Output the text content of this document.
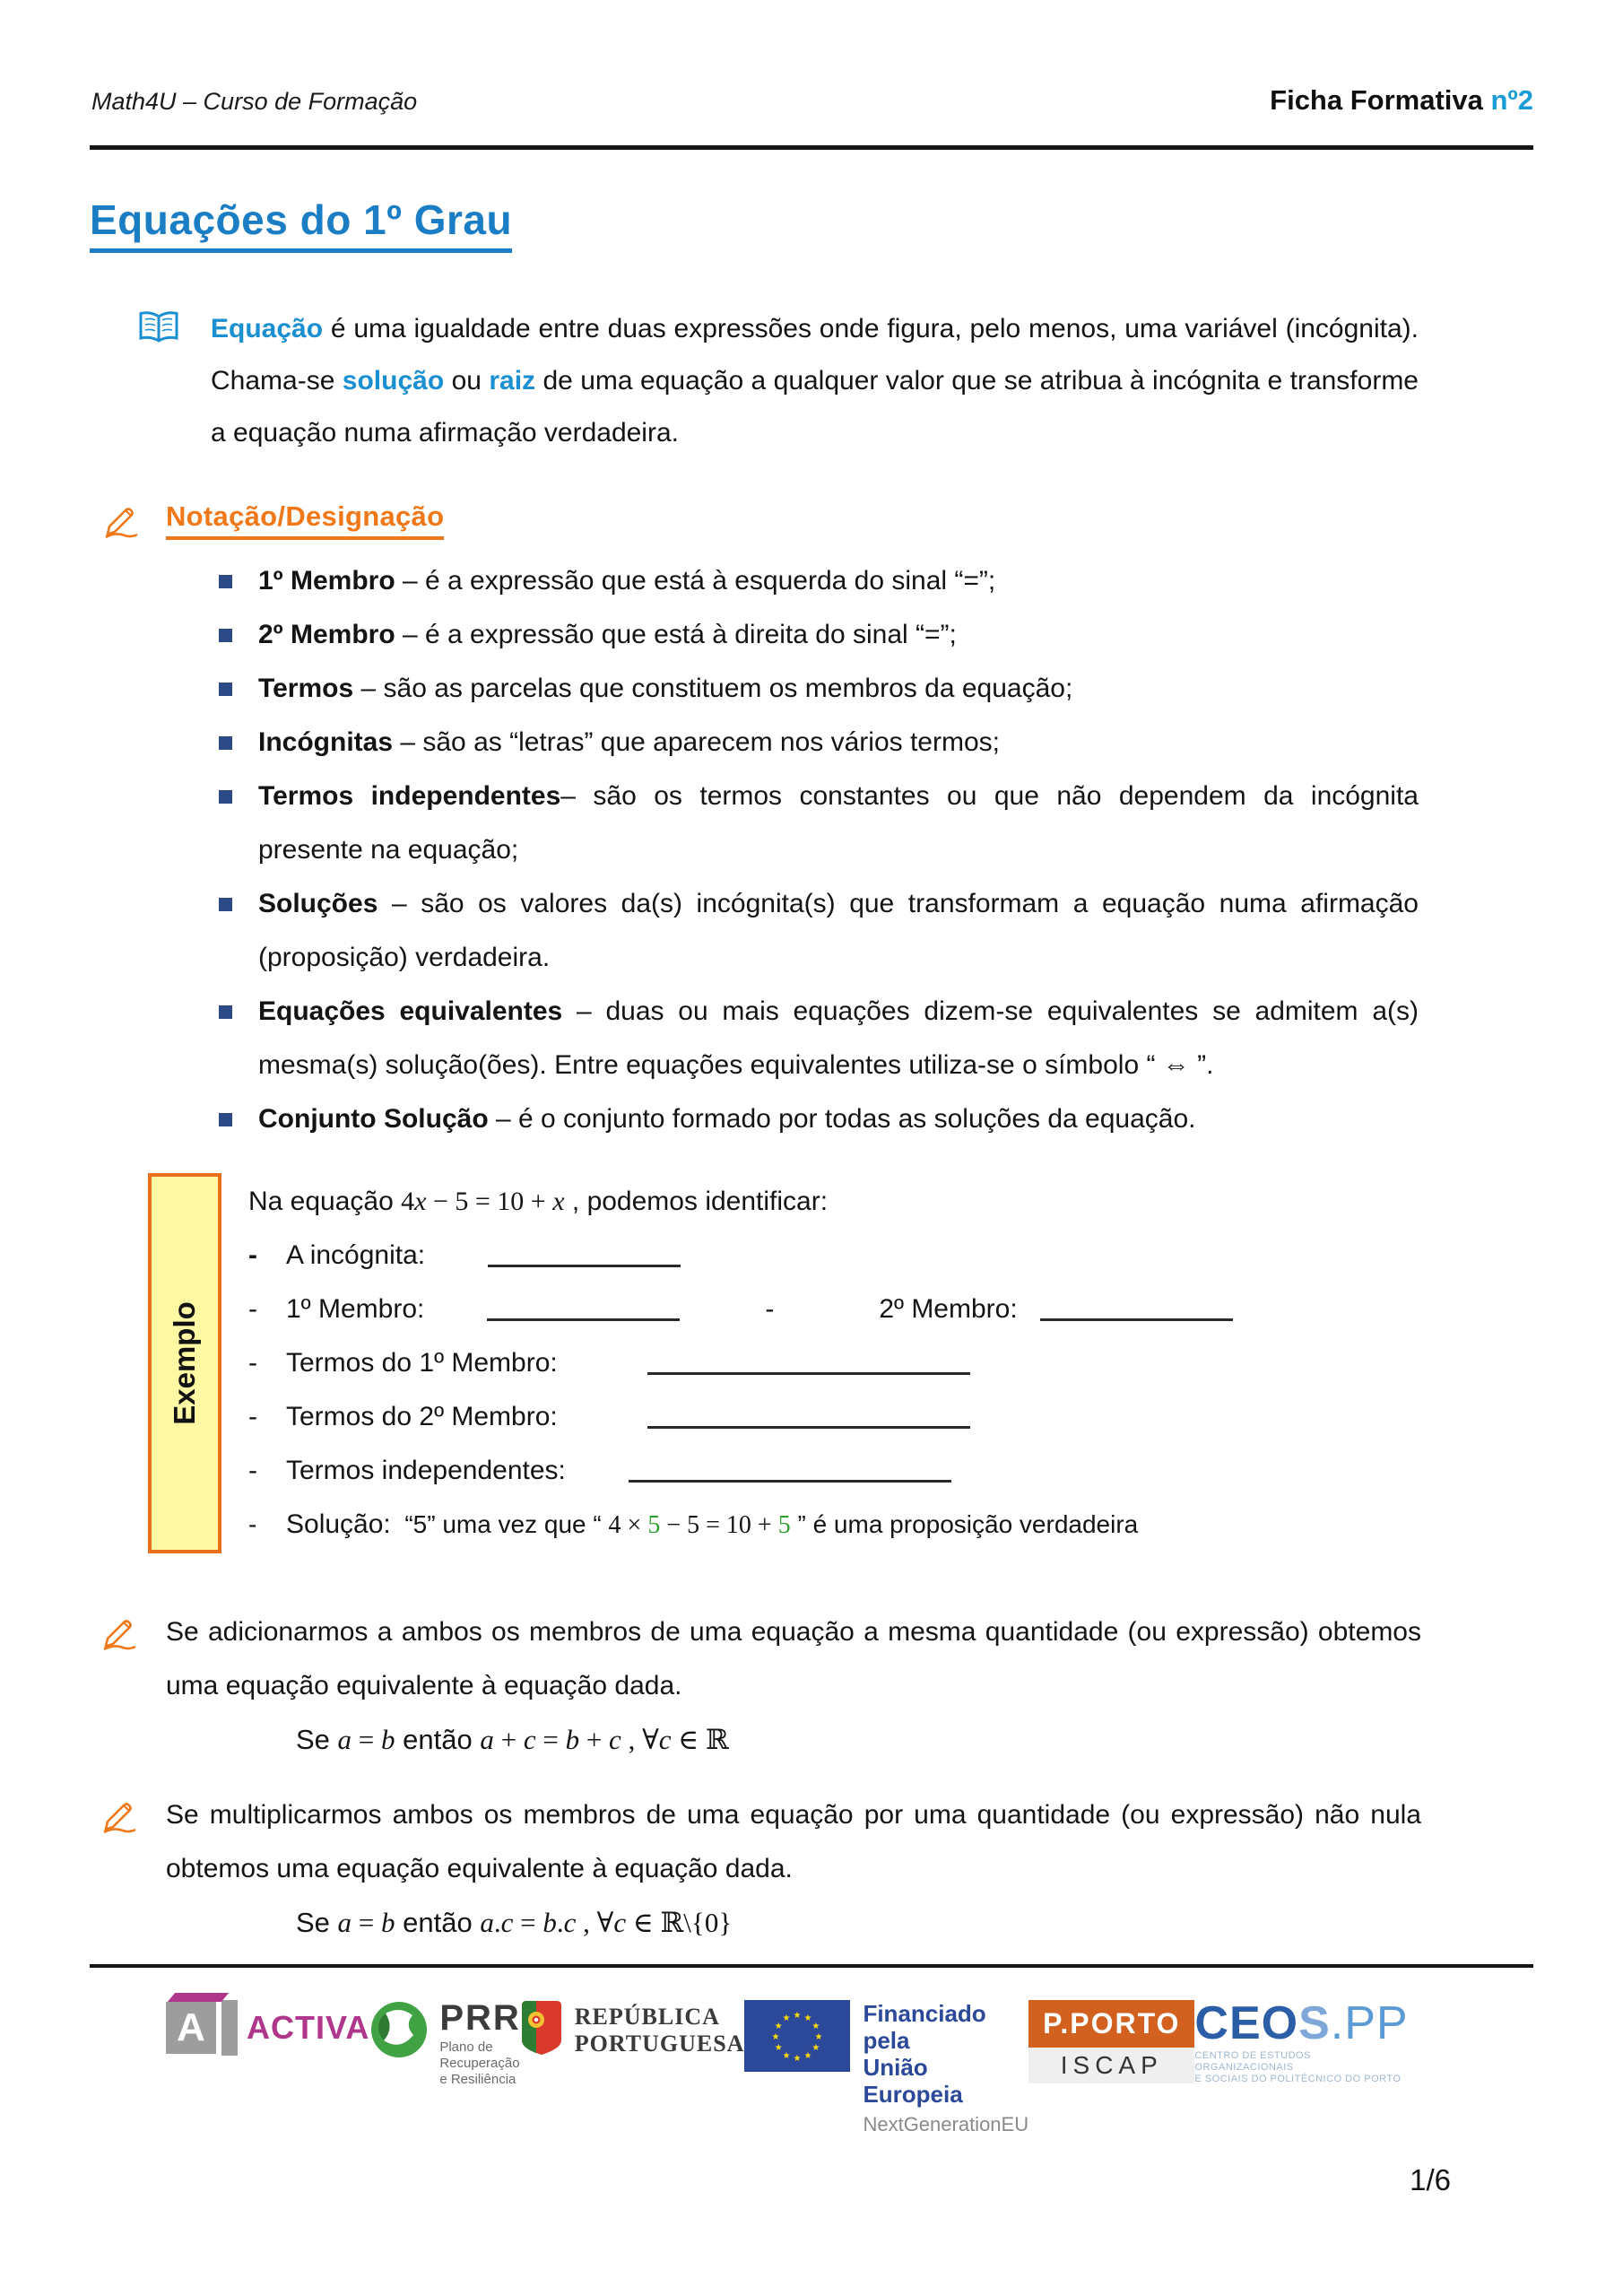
Math4U – Curso de Formação	Ficha Formativa nº2
Equações do 1º Grau
Equação é uma igualdade entre duas expressões onde figura, pelo menos, uma variável (incógnita). Chama-se solução ou raiz de uma equação a qualquer valor que se atribua à incógnita e transforme a equação numa afirmação verdadeira.
Notação/Designação
1º Membro – é a expressão que está à esquerda do sinal “=”;
2º Membro – é a expressão que está à direita do sinal “=”;
Termos – são as parcelas que constituem os membros da equação;
Incógnitas – são as “letras” que aparecem nos vários termos;
Termos independentes– são os termos constantes ou que não dependem da incógnita presente na equação;
Soluções – são os valores da(s) incógnita(s) que transformam a equação numa afirmação (proposição) verdadeira.
Equações equivalentes – duas ou mais equações dizem-se equivalentes se admitem a(s) mesma(s) solução(ões). Entre equações equivalentes utiliza-se o símbolo “ ⇔ ”.
Conjunto Solução – é o conjunto formado por todas as soluções da equação.
Exemplo
Na equação 4x − 5 = 10 + x , podemos identificar:
- A incógnita:
- 1º Membro:	-	2º Membro:
- Termos do 1º Membro:
- Termos do 2º Membro:
- Termos independentes:
- Solução: “5” uma vez que “ 4 × 5 − 5 = 10 + 5 ” é uma proposição verdadeira
Se adicionarmos a ambos os membros de uma equação a mesma quantidade (ou expressão) obtemos uma equação equivalente à equação dada.
Se a = b então a + c = b + c , ∀c ∈ ℝ
Se multiplicarmos ambos os membros de uma equação por uma quantidade (ou expressão) não nula obtemos uma equação equivalente à equação dada.
Se a = b então a.c = b.c , ∀c ∈ ℝ\{0}
A	ACTIVA PRR
Plano de Recuperação
e Resiliência
REPÚBLICA
PORTUGUESA
★ ★
★
★
★
★
★
★
★
★
★
★	Financiado pela
União Europeia
NextGenerationEU
P.PORTO
ISCAP
CEOS.PP
CENTRO DE ESTUDOS ORGANIZACIONAIS
E SOCIAIS DO POLITÉCNICO DO PORTO
1/6
